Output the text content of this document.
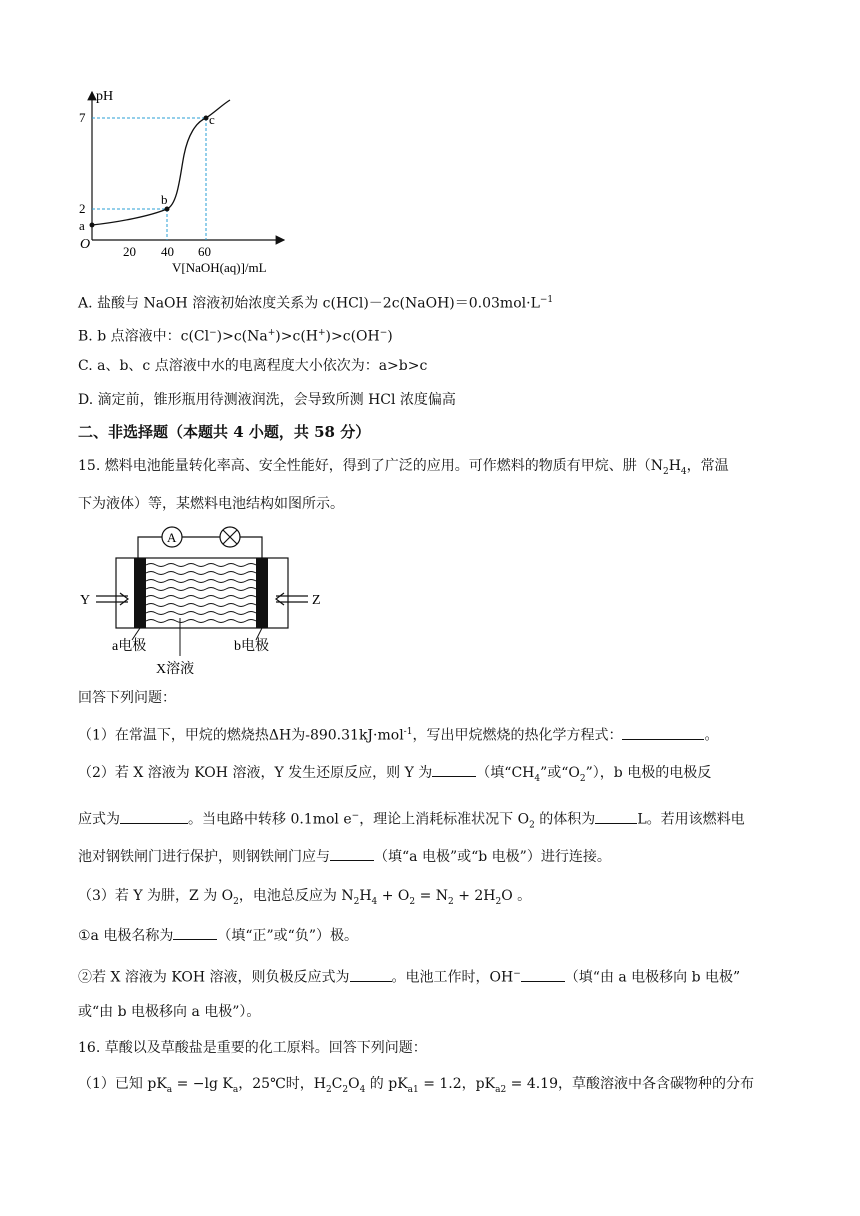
pH
O
7
2
20 40 60
V[NaOH(aq)]/mL
a
b
c
A. 盐酸与 NaOH 溶液初始浓度关系为 $c(HCl)-2c(NaOH)=0.03mol\cdot L^{-1}$
B. b 点溶液中：c(Cl−)>c(Na+)>c(H+)>c(OH−)
C. a、b、c 点溶液中水的电离程度大小依次为：a>b>c
D. 滴定前，锥形瓶用待测液润洗，会导致所测 HCl 浓度偏高
二、非选择题（本题共 4 小题，共 58 分）
15. 燃料电池能量转化率高、安全性能好，得到了广泛的应用。可作燃料的物质有甲烷、肼（$N_2H_4$，常温
下为液体）等，某燃料电池结构如图所示。
A
Y	Z
a电极	b电极
X溶液
回答下列问题：
（1）在常温下，甲烷的燃烧热ΔH为-890.31kJ·mol$^{-1}$，写出甲烷燃烧的热化学方程式：	。
（2）若 X 溶液为 KOH 溶液，Y 发生还原反应，则 Y 为	（填“$CH_4$”或“$O_2$”），b 电极的电极反
应式为	。当电路中转移 0.1mol e−，理论上消耗标准状况下 $O_2$ 的体积为	L。若用该燃料电
池对钢铁闸门进行保护，则钢铁闸门应与	（填“a 电极”或“b 电极”）进行连接。
（3）若 Y 为肼，Z 为 $O_2$，电池总反应为 $N_2H_4 + O_2 = N_2 + 2H_2O$ 。
①a 电极名称为	（填“正”或“负”）极。
②若 X 溶液为 KOH 溶液，则负极反应式为	。电池工作时，OH−	（填“由 a 电极移向 b 电极”
或“由 b 电极移向 a 电极”）。
16. 草酸以及草酸盐是重要的化工原料。回答下列问题：
（1）已知 $pK_a = -\lg$ $K_a$，25℃时，$H_2C_2O_4$ 的 $pK_{a1} = 1.2$，$pK_{a2} = 4.19$，草酸溶液中各含碳物种的分布
